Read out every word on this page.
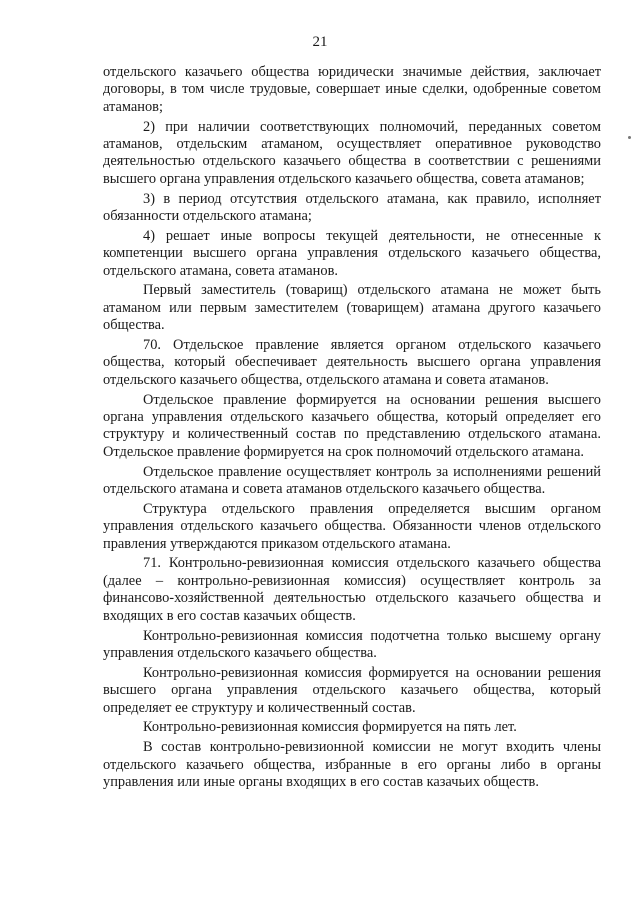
21

отдельского казачьего общества юридически значимые действия, заключает договоры, в том числе трудовые, совершает иные сделки, одобренные советом атаманов;

2) при наличии соответствующих полномочий, переданных советом атаманов, отдельским атаманом, осуществляет оперативное руководство деятельностью отдельского казачьего общества в соответствии с решениями высшего органа управления отдельского казачьего общества, совета атаманов;

3) в период отсутствия отдельского атамана, как правило, исполняет обязанности отдельского атамана;

4) решает иные вопросы текущей деятельности, не отнесенные к компетенции высшего органа управления отдельского казачьего общества, отдельского атамана, совета атаманов.

Первый заместитель (товарищ) отдельского атамана не может быть атаманом или первым заместителем (товарищем) атамана другого казачьего общества.

70. Отдельское правление является органом отдельского казачьего общества, который обеспечивает деятельность высшего органа управления отдельского казачьего общества, отдельского атамана и совета атаманов.

Отдельское правление формируется на основании решения высшего органа управления отдельского казачьего общества, который определяет его структуру и количественный состав по представлению отдельского атамана. Отдельское правление формируется на срок полномочий отдельского атамана.

Отдельское правление осуществляет контроль за исполнениями решений отдельского атамана и совета атаманов отдельского казачьего общества.

Структура отдельского правления определяется высшим органом управления отдельского казачьего общества. Обязанности членов отдельского правления утверждаются приказом отдельского атамана.

71. Контрольно-ревизионная комиссия отдельского казачьего общества (далее – контрольно-ревизионная комиссия) осуществляет контроль за финансово-хозяйственной деятельностью отдельского казачьего общества и входящих в его состав казачьих обществ.

Контрольно-ревизионная комиссия подотчетна только высшему органу управления отдельского казачьего общества.

Контрольно-ревизионная комиссия формируется на основании решения высшего органа управления отдельского казачьего общества, который определяет ее структуру и количественный состав.

Контрольно-ревизионная комиссия формируется на пять лет.

В состав контрольно-ревизионной комиссии не могут входить члены отдельского казачьего общества, избранные в его органы либо в органы управления или иные органы входящих в его состав казачьих обществ.
